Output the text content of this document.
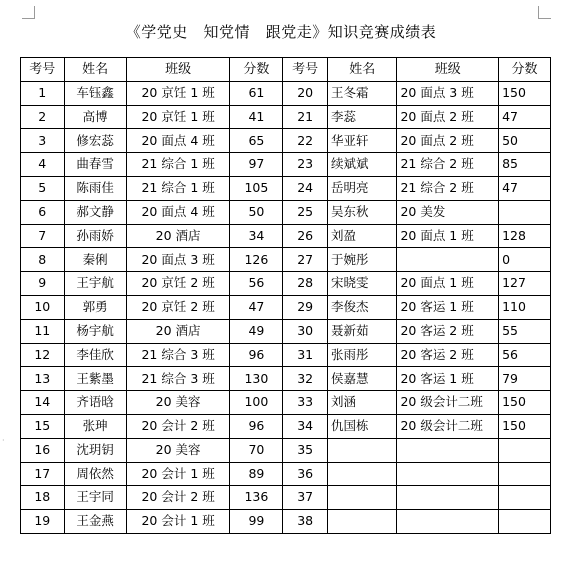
·
《学党史   知党情   跟党走》知识竞赛成绩表
考号	姓名	班级	分数	考号	姓名	班级	分数
1	车钰鑫	20 京饪 1 班	61	20	王冬霜	20 面点 3 班	150
2	高博	20 京饪 1 班	41	21	李蕊	20 面点 2 班	47
3	修宏蕊	20 面点 4 班	65	22	华亚轩	20 面点 2 班	50
4	曲春雪	21 综合 1 班	97	23	续斌斌	21 综合 2 班	85
5	陈雨佳	21 综合 1 班	105	24	岳明亮	21 综合 2 班	47
6	郝文静	20 面点 4 班	50	25	吴东秋	20 美发	
7	孙雨娇	20 酒店	34	26	刘盈	20 面点 1 班	128
8	秦俐	20 面点 3 班	126	27	于婉彤		0
9	王宇航	20 京饪 2 班	56	28	宋晓雯	20 面点 1 班	127
10	郭勇	20 京饪 2 班	47	29	李俊杰	20 客运 1 班	110
11	杨宇航	20 酒店	49	30	聂新茹	20 客运 2 班	55
12	李佳欣	21 综合 3 班	96	31	张雨彤	20 客运 2 班	56
13	王紫墨	21 综合 3 班	130	32	侯嘉慧	20 客运 1 班	79
14	齐语晗	20 美容	100	33	刘涵	20 级会计二班	150
15	张珅	20 会计 2 班	96	34	仇国栋	20 级会计二班	150
16	沈玥钥	20 美容	70	35			
17	周依然	20 会计 1 班	89	36			
18	王宇同	20 会计 2 班	136	37			
19	王金燕	20 会计 1 班	99	38			
